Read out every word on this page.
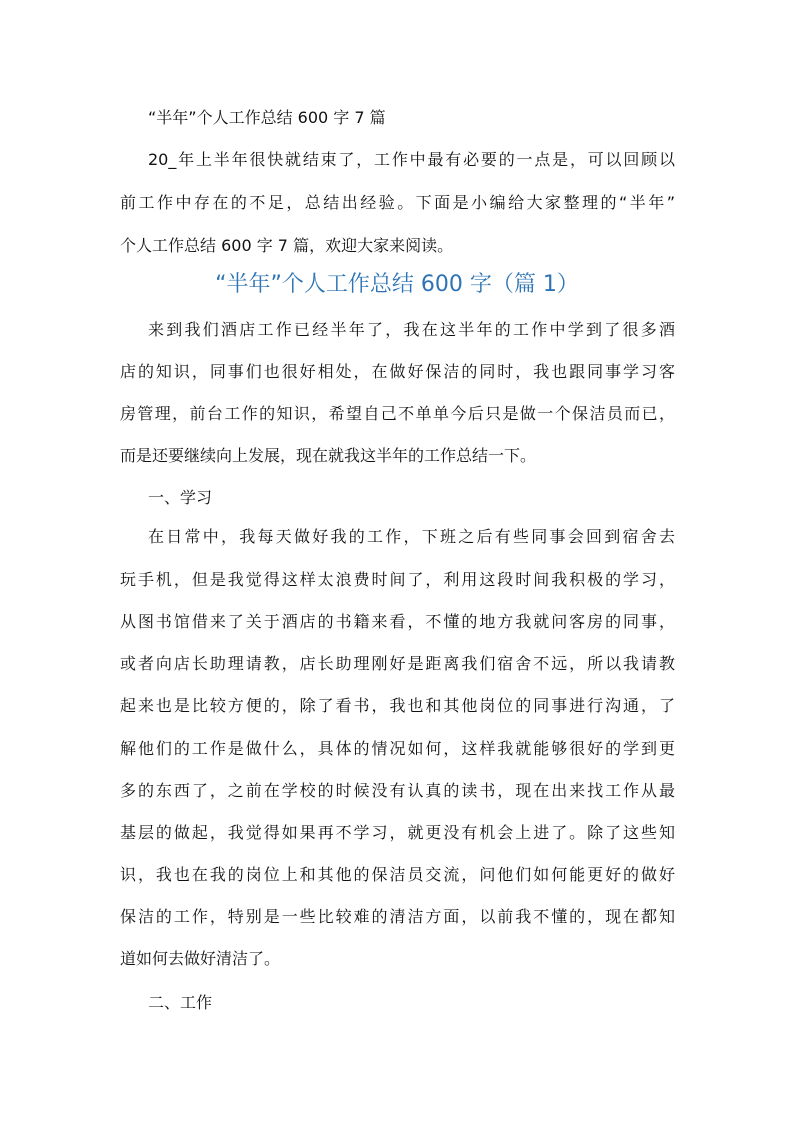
“半年”个人工作总结 600 字 7 篇
20_年上半年很快就结束了，工作中最有必要的一点是，可以回顾以
前工作中存在的不足，总结出经验。下面是小编给大家整理的“半年”
个人工作总结 600 字 7 篇，欢迎大家来阅读。
“半年”个人工作总结 600 字（篇 1）
来到我们酒店工作已经半年了，我在这半年的工作中学到了很多酒
店的知识，同事们也很好相处，在做好保洁的同时，我也跟同事学习客
房管理，前台工作的知识，希望自己不单单今后只是做一个保洁员而已，
而是还要继续向上发展，现在就我这半年的工作总结一下。
一、学习
在日常中，我每天做好我的工作，下班之后有些同事会回到宿舍去
玩手机，但是我觉得这样太浪费时间了，利用这段时间我积极的学习，
从图书馆借来了关于酒店的书籍来看，不懂的地方我就问客房的同事，
或者向店长助理请教，店长助理刚好是距离我们宿舍不远，所以我请教
起来也是比较方便的，除了看书，我也和其他岗位的同事进行沟通，了
解他们的工作是做什么，具体的情况如何，这样我就能够很好的学到更
多的东西了，之前在学校的时候没有认真的读书，现在出来找工作从最
基层的做起，我觉得如果再不学习，就更没有机会上进了。除了这些知
识，我也在我的岗位上和其他的保洁员交流，问他们如何能更好的做好
保洁的工作，特别是一些比较难的清洁方面，以前我不懂的，现在都知
道如何去做好清洁了。
二、工作
